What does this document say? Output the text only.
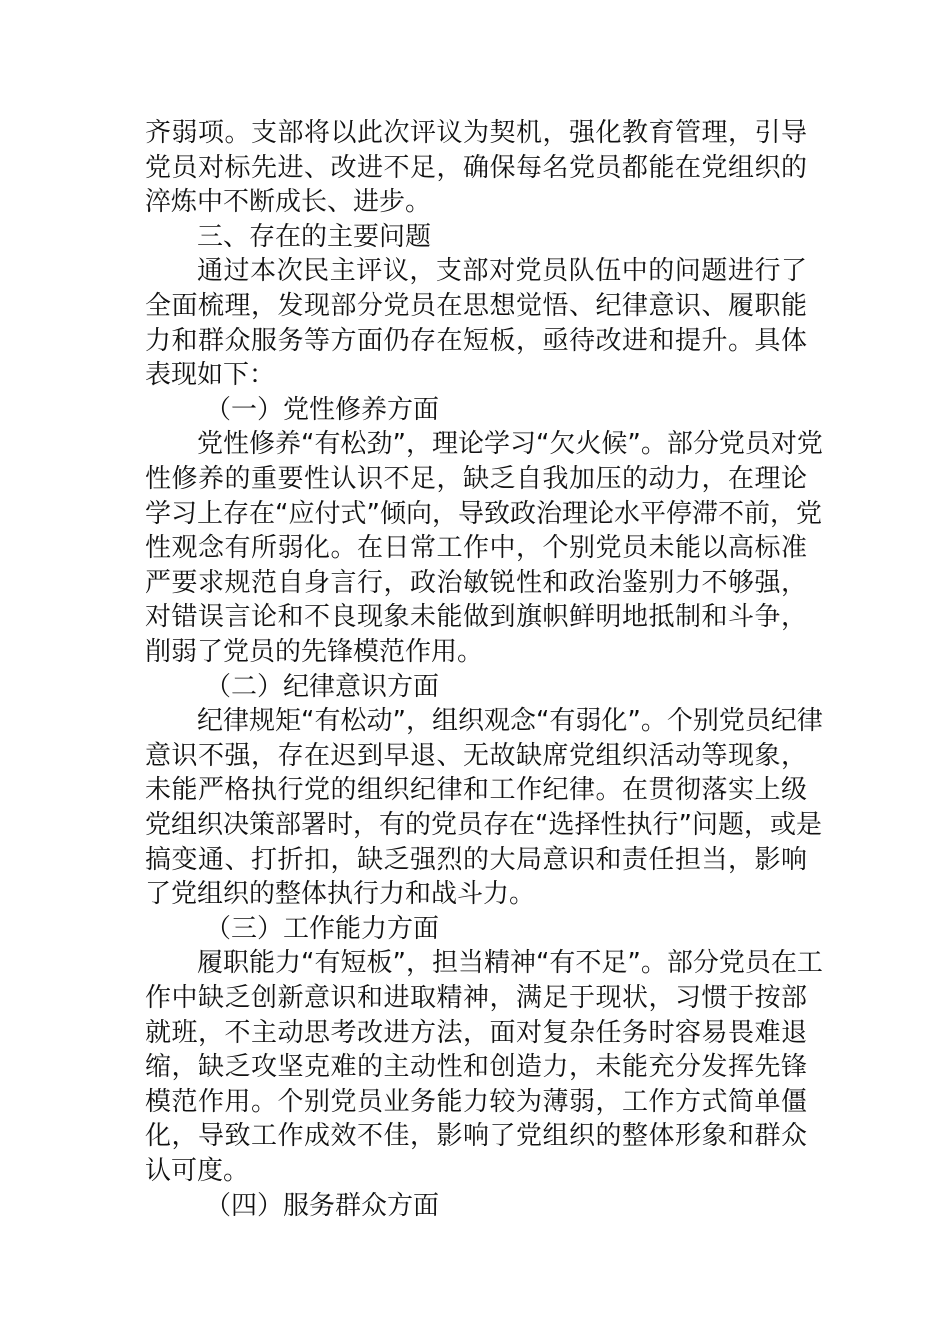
齐弱项。支部将以此次评议为契机，强化教育管理，引导
党员对标先进、改进不足，确保每名党员都能在党组织的
淬炼中不断成长、进步。
三、存在的主要问题
通过本次民主评议，支部对党员队伍中的问题进行了
全面梳理，发现部分党员在思想觉悟、纪律意识、履职能
力和群众服务等方面仍存在短板，亟待改进和提升。具体
表现如下：
（一）党性修养方面
党性修养“有松劲”，理论学习“欠火候”。部分党员对党
性修养的重要性认识不足，缺乏自我加压的动力，在理论
学习上存在“应付式”倾向，导致政治理论水平停滞不前，党
性观念有所弱化。在日常工作中，个别党员未能以高标准
严要求规范自身言行，政治敏锐性和政治鉴别力不够强，
对错误言论和不良现象未能做到旗帜鲜明地抵制和斗争，
削弱了党员的先锋模范作用。
（二）纪律意识方面
纪律规矩“有松动”，组织观念“有弱化”。个别党员纪律
意识不强，存在迟到早退、无故缺席党组织活动等现象，
未能严格执行党的组织纪律和工作纪律。在贯彻落实上级
党组织决策部署时，有的党员存在“选择性执行”问题，或是
搞变通、打折扣，缺乏强烈的大局意识和责任担当，影响
了党组织的整体执行力和战斗力。
（三）工作能力方面
履职能力“有短板”，担当精神“有不足”。部分党员在工
作中缺乏创新意识和进取精神，满足于现状，习惯于按部
就班，不主动思考改进方法，面对复杂任务时容易畏难退
缩，缺乏攻坚克难的主动性和创造力，未能充分发挥先锋
模范作用。个别党员业务能力较为薄弱，工作方式简单僵
化，导致工作成效不佳，影响了党组织的整体形象和群众
认可度。
（四）服务群众方面
